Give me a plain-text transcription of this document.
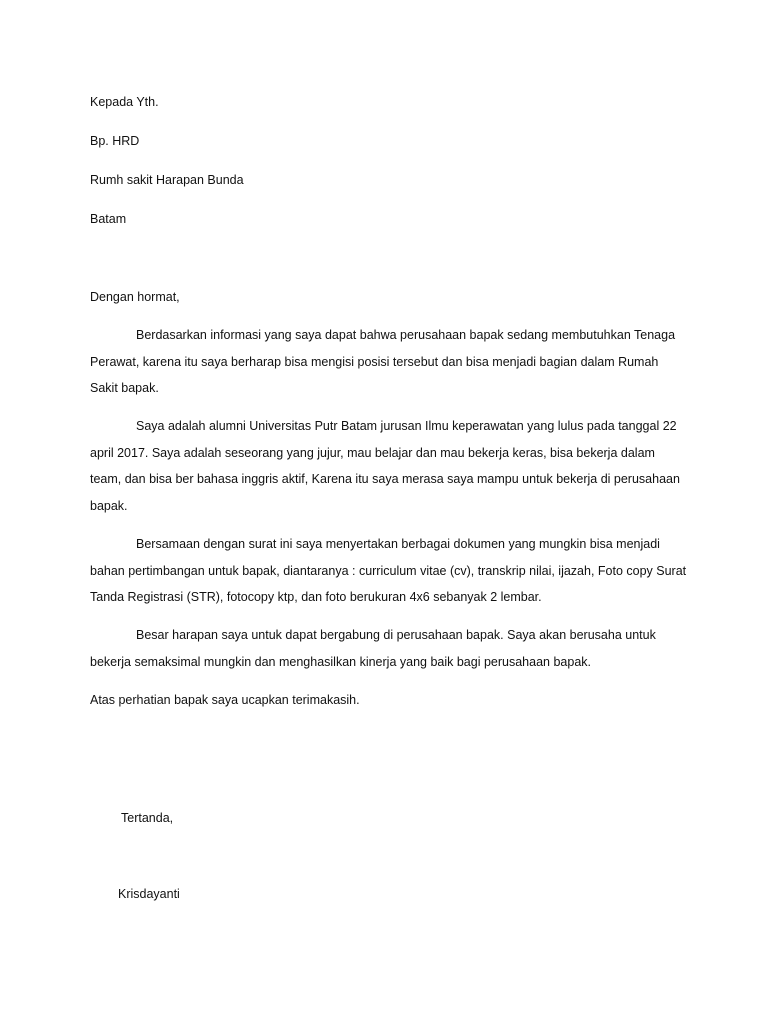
Kepada Yth.
Bp. HRD
Rumh sakit Harapan Bunda
Batam
Dengan hormat,
Berdasarkan informasi yang saya dapat bahwa perusahaan bapak sedang membutuhkan Tenaga Perawat, karena itu saya berharap bisa mengisi posisi tersebut dan bisa menjadi bagian dalam Rumah Sakit bapak.
Saya adalah alumni Universitas Putr Batam jurusan Ilmu keperawatan yang lulus pada tanggal 22 april 2017. Saya adalah seseorang yang jujur, mau belajar dan mau bekerja keras, bisa bekerja dalam team, dan bisa ber bahasa inggris aktif, Karena itu saya merasa saya mampu untuk bekerja di perusahaan bapak.
Bersamaan dengan surat ini saya menyertakan berbagai dokumen yang mungkin bisa menjadi bahan pertimbangan untuk bapak, diantaranya : curriculum vitae (cv), transkrip nilai, ijazah, Foto copy Surat Tanda Registrasi (STR), fotocopy ktp, dan foto berukuran 4x6 sebanyak 2 lembar.
Besar harapan saya untuk dapat bergabung di perusahaan bapak. Saya akan berusaha untuk bekerja semaksimal mungkin dan menghasilkan kinerja yang baik bagi perusahaan bapak.
Atas perhatian bapak saya ucapkan terimakasih.
Tertanda,
Krisdayanti
